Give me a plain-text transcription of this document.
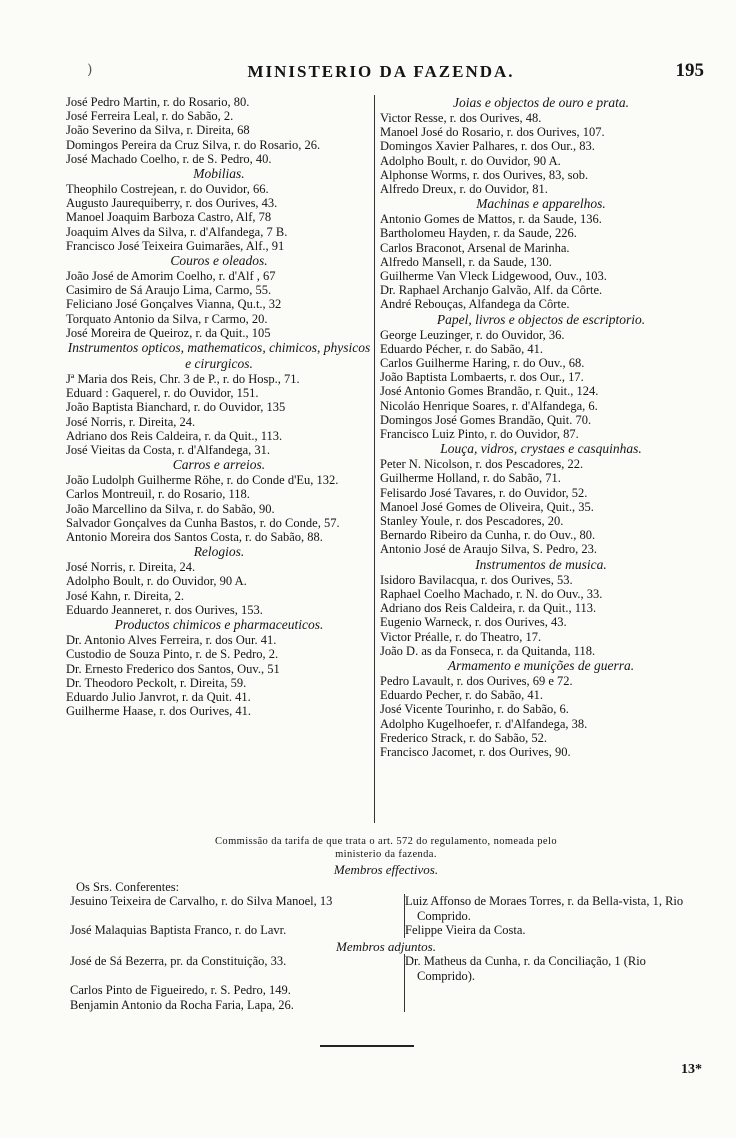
)	MINISTERIO DA FAZENDA.	195

José Pedro Martin, r. do Rosario, 80.

José Ferreira Leal, r. do Sabão, 2.

João Severino da Silva, r. Direita, 68

Domingos Pereira da Cruz Silva, r. do Rosario, 26.

José Machado Coelho, r. de S. Pedro, 40.

Mobilias.

Theophilo Costrejean, r. do Ouvidor, 66.

Augusto Jaurequiberry, r. dos Ourives, 43.

Manoel Joaquim Barboza Castro, Alf, 78

Joaquim Alves da Silva, r. d'Alfandega, 7 B.

Francisco José Teixeira Guimarães, Alf., 91

Couros e oleados.

João José de Amorim Coelho, r. d'Alf , 67

Casimiro de Sá Araujo Lima, Carmo, 55.

Feliciano José Gonçalves Vianna, Qu.t., 32

Torquato Antonio da Silva, r Carmo, 20.

José Moreira de Queiroz, r. da Quit., 105

Instrumentos opticos, mathematicos, chimicos, physicos e cirurgicos.

Jª Maria dos Reis, Chr. 3 de P., r. do Hosp., 71.

Eduard : Gaquerel, r. do Ouvidor, 151.

João Baptista Bianchard, r. do Ouvidor, 135

José Norris, r. Direita, 24.

Adriano dos Reis Caldeira, r. da Quit., 113.

José Vieitas da Costa, r. d'Alfandega, 31.

Carros e arreios.

João Ludolph Guilherme Röhe, r. do Conde d'Eu, 132.

Carlos Montreuil, r. do Rosario, 118.

João Marcellino da Silva, r. do Sabão, 90.

Salvador Gonçalves da Cunha Bastos, r. do Conde, 57.

Antonio Moreira dos Santos Costa, r. do Sabão, 88.

Relogios.

José Norris, r. Direita, 24.

Adolpho Boult, r. do Ouvidor, 90 A.

José Kahn, r. Direita, 2.

Eduardo Jeanneret, r. dos Ourives, 153.

Productos chimicos e pharmaceuticos.

Dr. Antonio Alves Ferreira, r. dos Our. 41.

Custodio de Souza Pinto, r. de S. Pedro, 2.

Dr. Ernesto Frederico dos Santos, Ouv., 51

Dr. Theodoro Peckolt, r. Direita, 59.

Eduardo Julio Janvrot, r. da Quit. 41.

Guilherme Haase, r. dos Ourives, 41.

Joias e objectos de ouro e prata.

Victor Resse, r. dos Ourives, 48.

Manoel José do Rosario, r. dos Ourives, 107.

Domingos Xavier Palhares, r. dos Our., 83.

Adolpho Boult, r. do Ouvidor, 90 A.

Alphonse Worms, r. dos Ourives, 83, sob.

Alfredo Dreux, r. do Ouvidor, 81.

Machinas e apparelhos.

Antonio Gomes de Mattos, r. da Saude, 136.

Bartholomeu Hayden, r. da Saude, 226.

Carlos Braconot, Arsenal de Marinha.

Alfredo Mansell, r. da Saude, 130.

Guilherme Van Vleck Lidgewood, Ouv., 103.

Dr. Raphael Archanjo Galvão, Alf. da Côrte.

André Rebouças, Alfandega da Côrte.

Papel, livros e objectos de escriptorio.

George Leuzinger, r. do Ouvidor, 36.

Eduardo Pécher, r. do Sabão, 41.

Carlos Guilherme Haring, r. do Ouv., 68.

João Baptista Lombaerts, r. dos Our., 17.

José Antonio Gomes Brandão, r. Quit., 124.

Nicoláo Henrique Soares, r. d'Alfandega, 6.

Domingos José Gomes Brandão, Quit. 70.

Francisco Luiz Pinto, r. do Ouvidor, 87.

Louça, vidros, crystaes e casquinhas.

Peter N. Nicolson, r. dos Pescadores, 22.

Guilherme Holland, r. do Sabão, 71.

Felisardo José Tavares, r. do Ouvidor, 52.

Manoel José Gomes de Oliveira, Quit., 35.

Stanley Youle, r. dos Pescadores, 20.

Bernardo Ribeiro da Cunha, r. do Ouv., 80.

Antonio José de Araujo Silva, S. Pedro, 23.

Instrumentos de musica.

Isidoro Bavilacqua, r. dos Ourives, 53.

Raphael Coelho Machado, r. N. do Ouv., 33.

Adriano dos Reis Caldeira, r. da Quit., 113.

Eugenio Warneck, r. dos Ourives, 43.

Victor Préalle, r. do Theatro, 17.

João D. as da Fonseca, r. da Quitanda, 118.

Armamento e munições de guerra.

Pedro Lavault, r. dos Ourives, 69 e 72.

Eduardo Pecher, r. do Sabão, 41.

José Vicente Tourinho, r. do Sabão, 6.

Adolpho Kugelhoefer, r. d'Alfandega, 38.

Frederico Strack, r. do Sabão, 52.

Francisco Jacomet, r. dos Ourives, 90.

Commissão da tarifa de que trata o art. 572 do regulamento, nomeada pelo

ministerio da fazenda.

Membros effectivos.

Os Srs. Conferentes:

Jesuino Teixeira de Carvalho, r. do Silva Manoel, 13	Luiz Affonso de Moraes Torres, r. da Bella-vista, 1, Rio Comprido.
José Malaquias Baptista Franco, r. do Lavr.	Felippe Vieira da Costa.

Membros adjuntos.

José de Sá Bezerra, pr. da Constituição, 33.	Dr. Matheus da Cunha, r. da Conciliação, 1 (Rio Comprido).
Carlos Pinto de Figueiredo, r. S. Pedro, 149.
Benjamin Antonio da Rocha Faria, Lapa, 26.
13*
